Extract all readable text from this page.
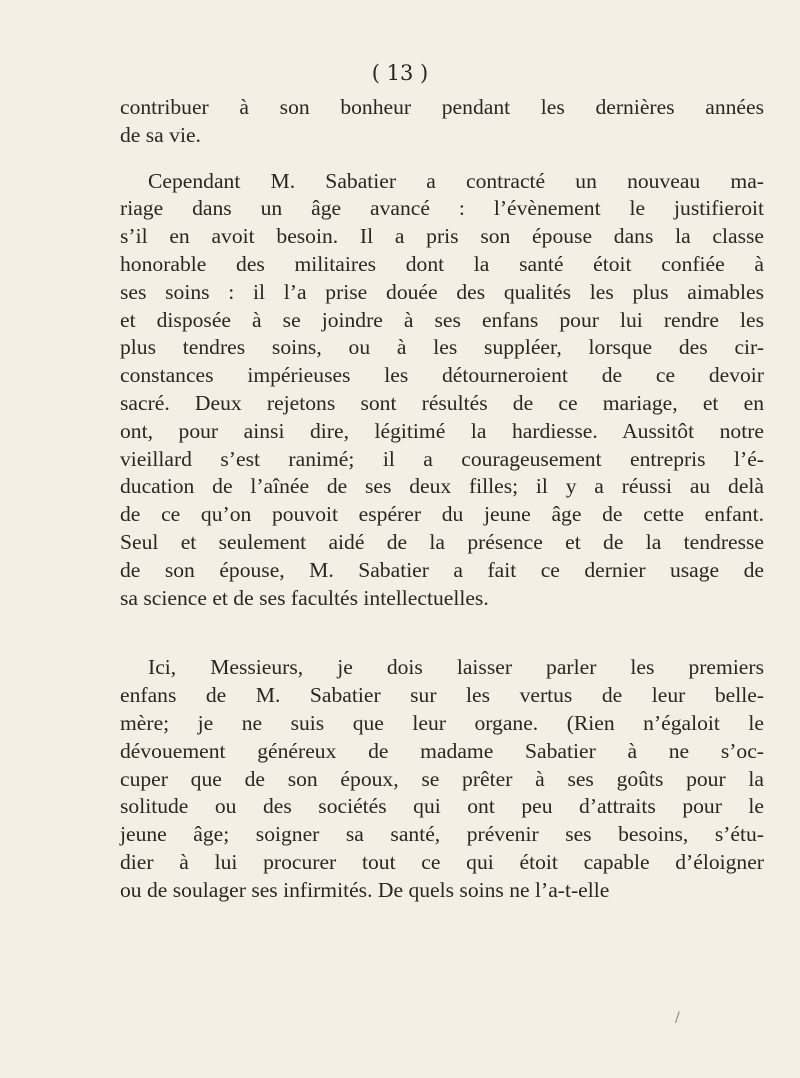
( 13 )
contribuer à son bonheur pendant les dernières années
de sa vie.
Cependant M. Sabatier a contracté un nouveau ma-
riage dans un âge avancé : l’évènement le justifieroit
s’il en avoit besoin. Il a pris son épouse dans la classe
honorable des militaires dont la santé étoit confiée à
ses soins : il l’a prise douée des qualités les plus aimables
et disposée à se joindre à ses enfans pour lui rendre les
plus tendres soins, ou à les suppléer, lorsque des cir-
constances impérieuses les détourneroient de ce devoir
sacré. Deux rejetons sont résultés de ce mariage, et en
ont, pour ainsi dire, légitimé la hardiesse. Aussitôt notre
vieillard s’est ranimé; il a courageusement entrepris l’é-
ducation de l’aînée de ses deux filles; il y a réussi au delà
de ce qu’on pouvoit espérer du jeune âge de cette enfant.
Seul et seulement aidé de la présence et de la tendresse
de son épouse, M. Sabatier a fait ce dernier usage de
sa science et de ses facultés intellectuelles.
Ici, Messieurs, je dois laisser parler les premiers
enfans de M. Sabatier sur les vertus de leur belle-
mère; je ne suis que leur organe. (Rien n’égaloit le
dévouement généreux de madame Sabatier à ne s’oc-
cuper que de son époux, se prêter à ses goûts pour la
solitude ou des sociétés qui ont peu d’attraits pour le
jeune âge; soigner sa santé, prévenir ses besoins, s’étu-
dier à lui procurer tout ce qui étoit capable d’éloigner
ou de soulager ses infirmités. De quels soins ne l’a-t-elle
/
